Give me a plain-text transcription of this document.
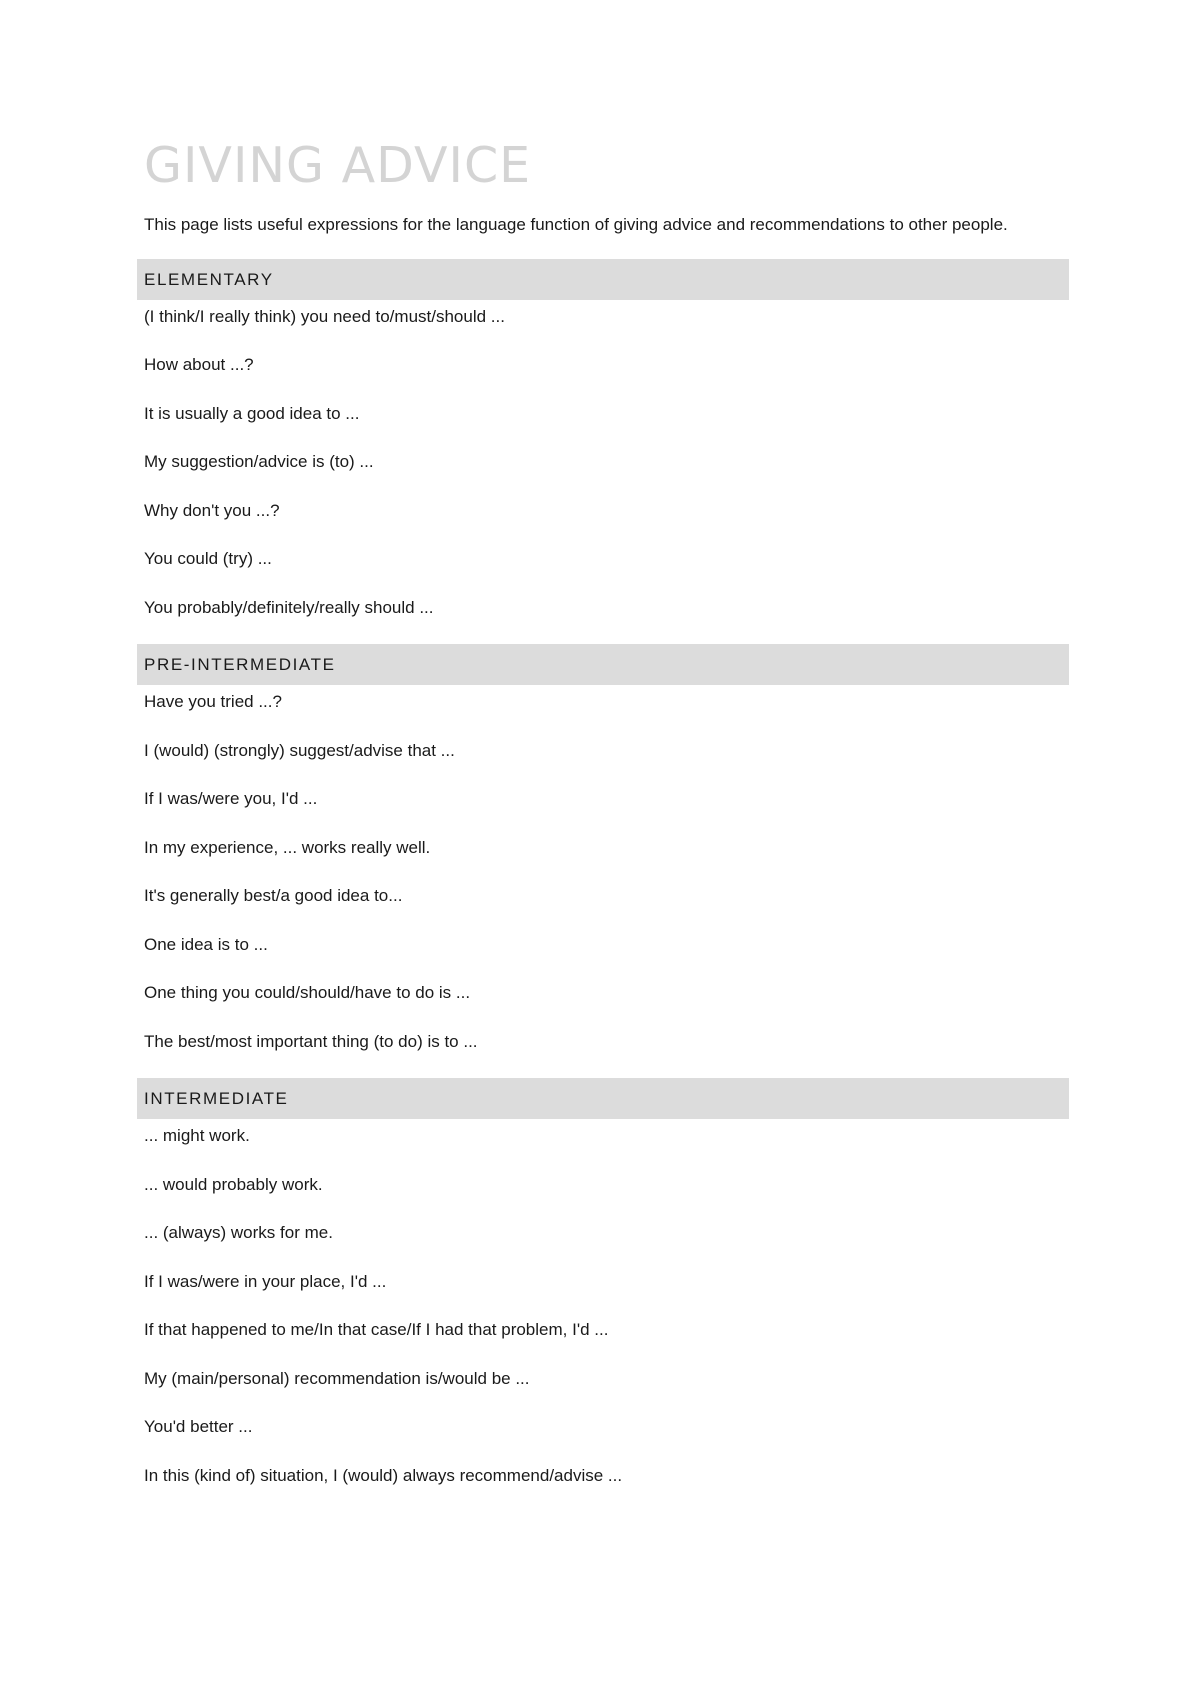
GIVING ADVICE

This page lists useful expressions for the language function of giving advice and recommendations to other people.

ELEMENTARY
(I think/I really think) you need to/must/should ...
How about ...?
It is usually a good idea to ...
My suggestion/advice is (to) ...
Why don't you ...?
You could (try) ...
You probably/definitely/really should ...
PRE-INTERMEDIATE
Have you tried ...?
I (would) (strongly) suggest/advise that ...
If I was/were you, I'd ...
In my experience, ... works really well.
It's generally best/a good idea to...
One idea is to ...
One thing you could/should/have to do is ...
The best/most important thing (to do) is to ...
INTERMEDIATE
... might work.
... would probably work.
... (always) works for me.
If I was/were in your place, I'd ...
If that happened to me/In that case/If I had that problem, I'd ...
My (main/personal) recommendation is/would be ...
You'd better ...
In this (kind of) situation, I (would) always recommend/advise ...
